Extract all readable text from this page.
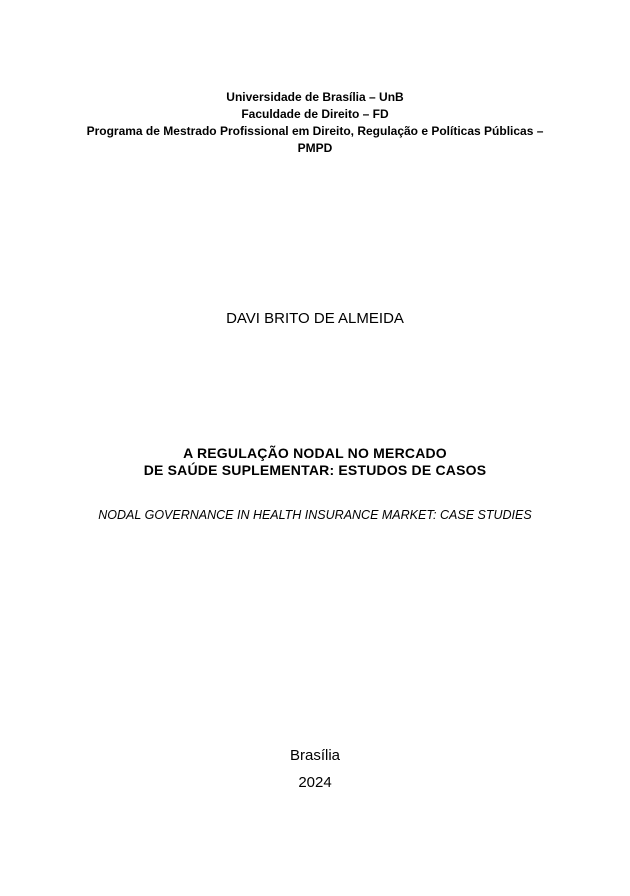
Universidade de Brasília – UnB
Faculdade de Direito – FD
Programa de Mestrado Profissional em Direito, Regulação e Políticas Públicas –
PMPD
DAVI BRITO DE ALMEIDA
A REGULAÇÃO NODAL NO MERCADO
DE SAÚDE SUPLEMENTAR: ESTUDOS DE CASOS
NODAL GOVERNANCE IN HEALTH INSURANCE MARKET: CASE STUDIES
Brasília
2024
